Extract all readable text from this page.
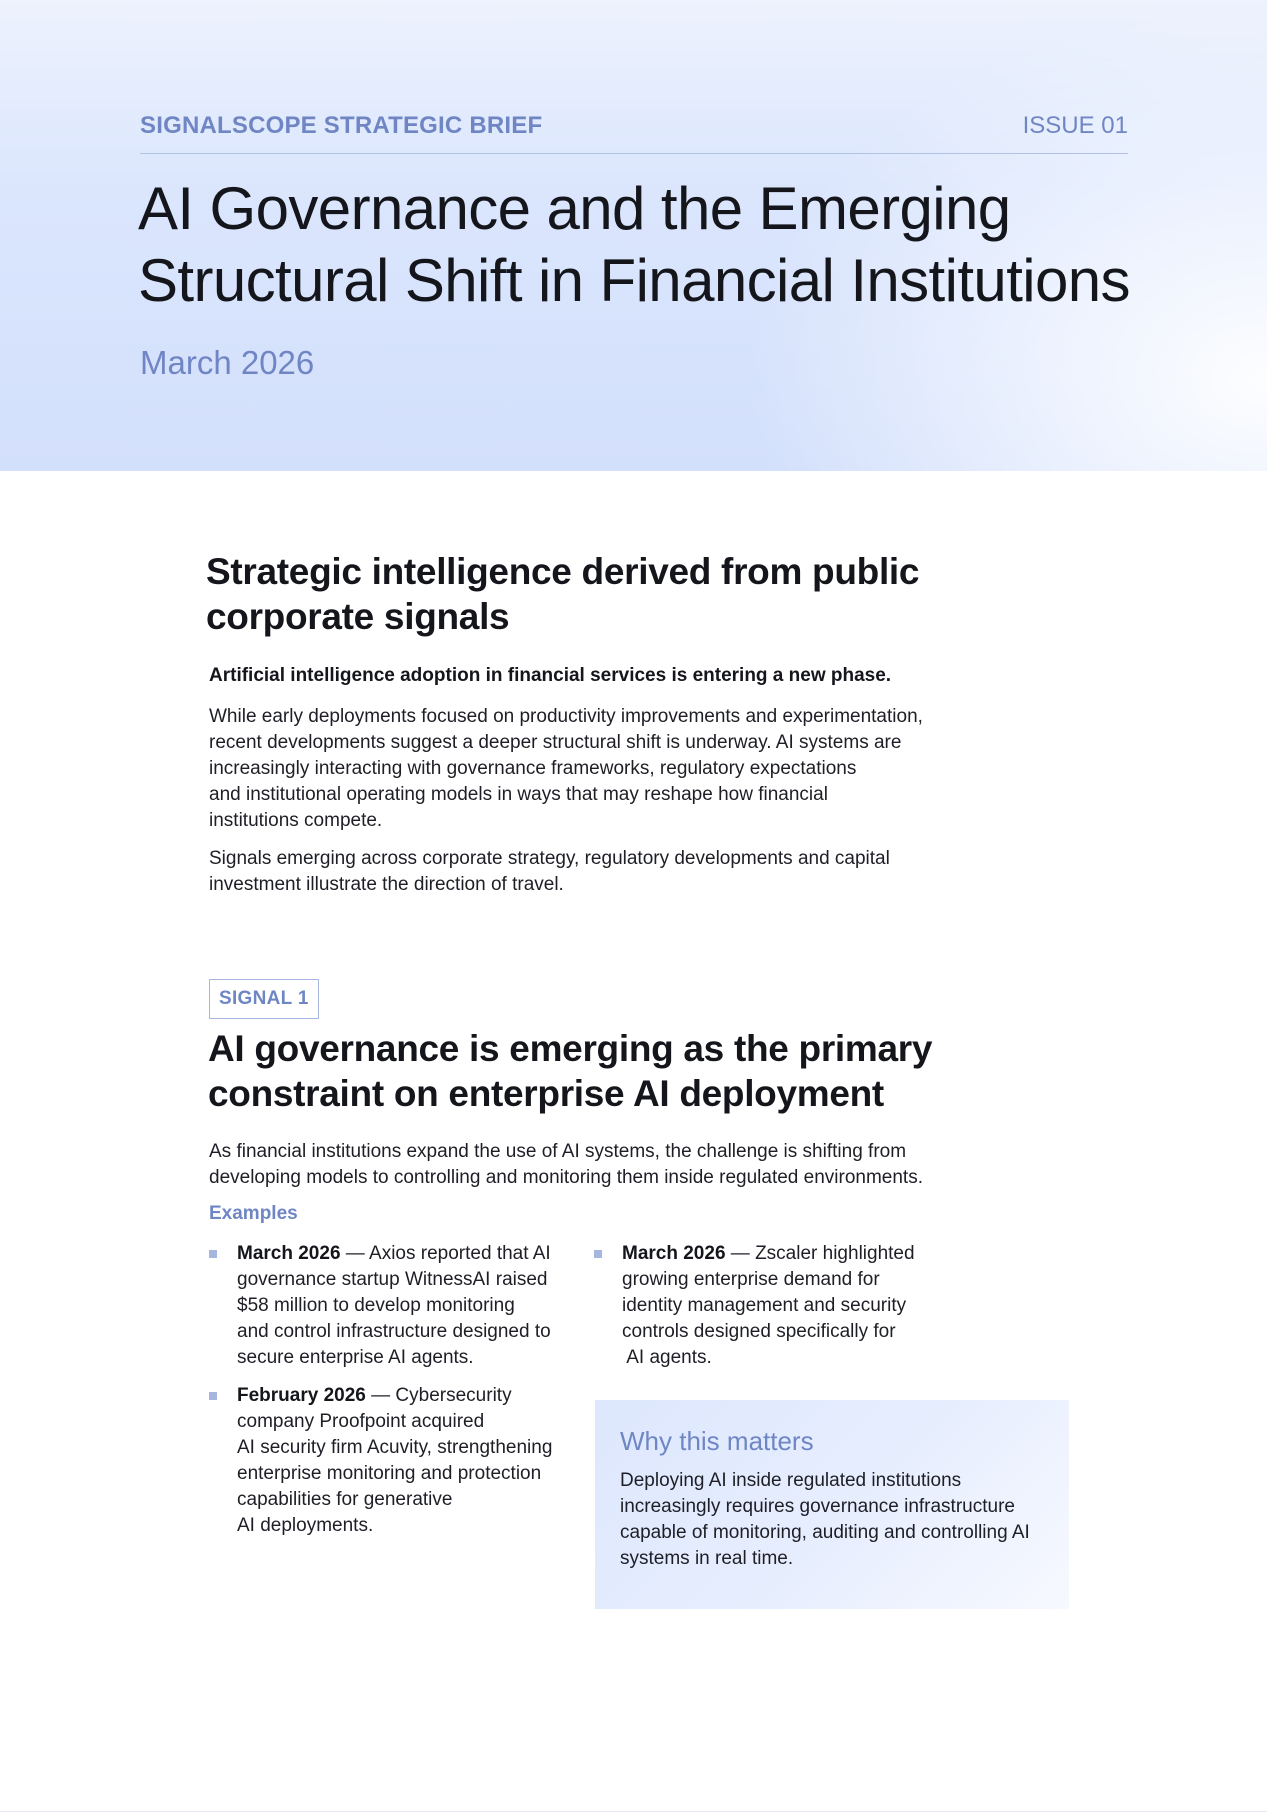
SIGNALSCOPE STRATEGIC BRIEF	ISSUE 01
AI Governance and the Emerging
Structural Shift in Financial Institutions
March 2026
Strategic intelligence derived from public
corporate signals
Artificial intelligence adoption in financial services is entering a new phase.

While early deployments focused on productivity improvements and experimentation,
recent developments suggest a deeper structural shift is underway. AI systems are
increasingly interacting with governance frameworks, regulatory expectations
and institutional operating models in ways that may reshape how financial
institutions compete.

Signals emerging across corporate strategy, regulatory developments and capital
investment illustrate the direction of travel.

SIGNAL 1
AI governance is emerging as the primary
constraint on enterprise AI deployment

As financial institutions expand the use of AI systems, the challenge is shifting from
developing models to controlling and monitoring them inside regulated environments.

Examples
March 2026 — Axios reported that AI
governance startup WitnessAI raised
$58 million to develop monitoring
and control infrastructure designed to
secure enterprise AI agents.
February 2026 — Cybersecurity
company Proofpoint acquired
AI security firm Acuvity, strengthening
enterprise monitoring and protection
capabilities for generative
AI deployments.
March 2026 — Zscaler highlighted
growing enterprise demand for
identity management and security
controls designed specifically for
AI agents.
Why this matters

Deploying AI inside regulated institutions
increasingly requires governance infrastructure
capable of monitoring, auditing and controlling AI
systems in real time.
